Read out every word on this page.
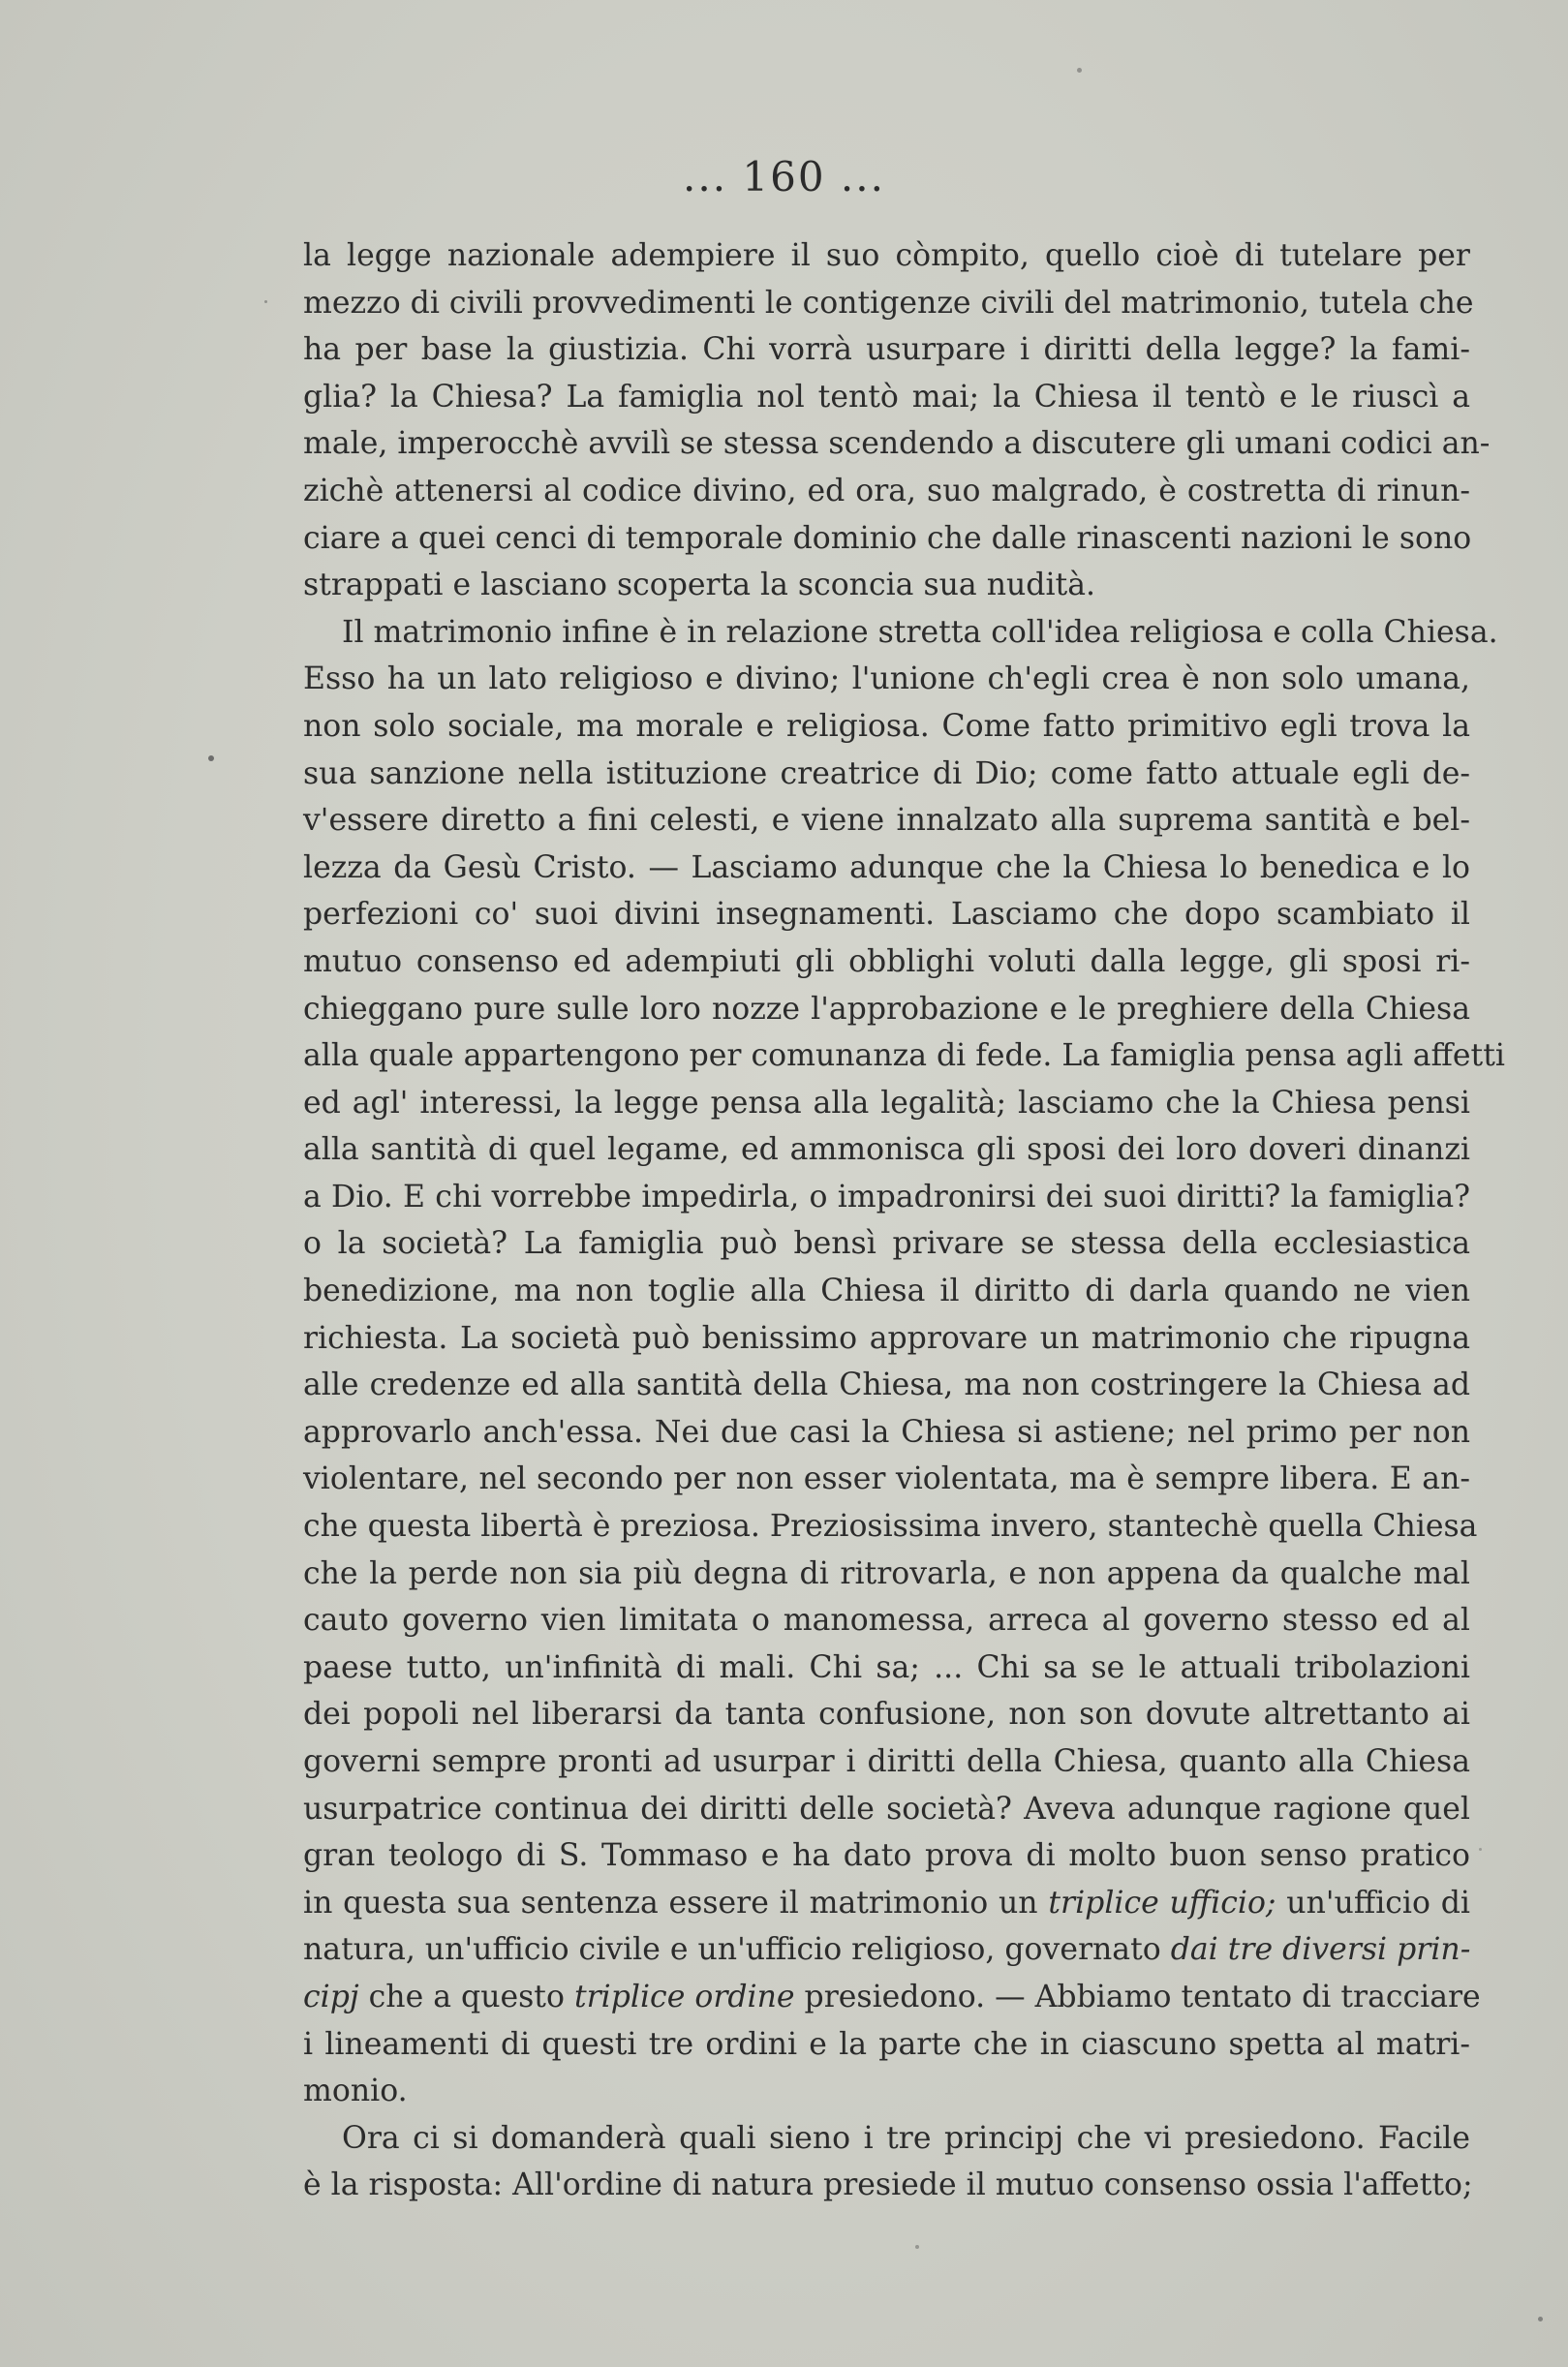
... 160 ...
la legge nazionale adempiere il suo còmpito, quello cioè di tutelare per
mezzo di civili provvedimenti le contigenze civili del matrimonio, tutela che
ha per base la giustizia. Chi vorrà usurpare i diritti della legge? la fami-
glia? la Chiesa? La famiglia nol tentò mai; la Chiesa il tentò e le riuscì a
male, imperocchè avvilì se stessa scendendo a discutere gli umani codici an-
zichè attenersi al codice divino, ed ora, suo malgrado, è costretta di rinun-
ciare a quei cenci di temporale dominio che dalle rinascenti nazioni le sono
strappati e lasciano scoperta la sconcia sua nudità.
Il matrimonio infine è in relazione stretta coll'idea religiosa e colla Chiesa.
Esso ha un lato religioso e divino; l'unione ch'egli crea è non solo umana,
non solo sociale, ma morale e religiosa. Come fatto primitivo egli trova la
sua sanzione nella istituzione creatrice di Dio; come fatto attuale egli de-
v'essere diretto a fini celesti, e viene innalzato alla suprema santità e bel-
lezza da Gesù Cristo. — Lasciamo adunque che la Chiesa lo benedica e lo
perfezioni co' suoi divini insegnamenti. Lasciamo che dopo scambiato il
mutuo consenso ed adempiuti gli obblighi voluti dalla legge, gli sposi ri-
chieggano pure sulle loro nozze l'approbazione e le preghiere della Chiesa
alla quale appartengono per comunanza di fede. La famiglia pensa agli affetti
ed agl' interessi, la legge pensa alla legalità; lasciamo che la Chiesa pensi
alla santità di quel legame, ed ammonisca gli sposi dei loro doveri dinanzi
a Dio. E chi vorrebbe impedirla, o impadronirsi dei suoi diritti? la famiglia?
o la società? La famiglia può bensì privare se stessa della ecclesiastica
benedizione, ma non toglie alla Chiesa il diritto di darla quando ne vien
richiesta. La società può benissimo approvare un matrimonio che ripugna
alle credenze ed alla santità della Chiesa, ma non costringere la Chiesa ad
approvarlo anch'essa. Nei due casi la Chiesa si astiene; nel primo per non
violentare, nel secondo per non esser violentata, ma è sempre libera. E an-
che questa libertà è preziosa. Preziosissima invero, stantechè quella Chiesa
che la perde non sia più degna di ritrovarla, e non appena da qualche mal
cauto governo vien limitata o manomessa, arreca al governo stesso ed al
paese tutto, un'infinità di mali. Chi sa; ... Chi sa se le attuali tribolazioni
dei popoli nel liberarsi da tanta confusione, non son dovute altrettanto ai
governi sempre pronti ad usurpar i diritti della Chiesa, quanto alla Chiesa
usurpatrice continua dei diritti delle società? Aveva adunque ragione quel
gran teologo di S. Tommaso e ha dato prova di molto buon senso pratico
in questa sua sentenza essere il matrimonio un triplice ufficio; un'ufficio di
natura, un'ufficio civile e un'ufficio religioso, governato dai tre diversi prin-
cipj che a questo triplice ordine presiedono. — Abbiamo tentato di tracciare
i lineamenti di questi tre ordini e la parte che in ciascuno spetta al matri-
monio.
Ora ci si domanderà quali sieno i tre principj che vi presiedono. Facile
è la risposta: All'ordine di natura presiede il mutuo consenso ossia l'affetto;
